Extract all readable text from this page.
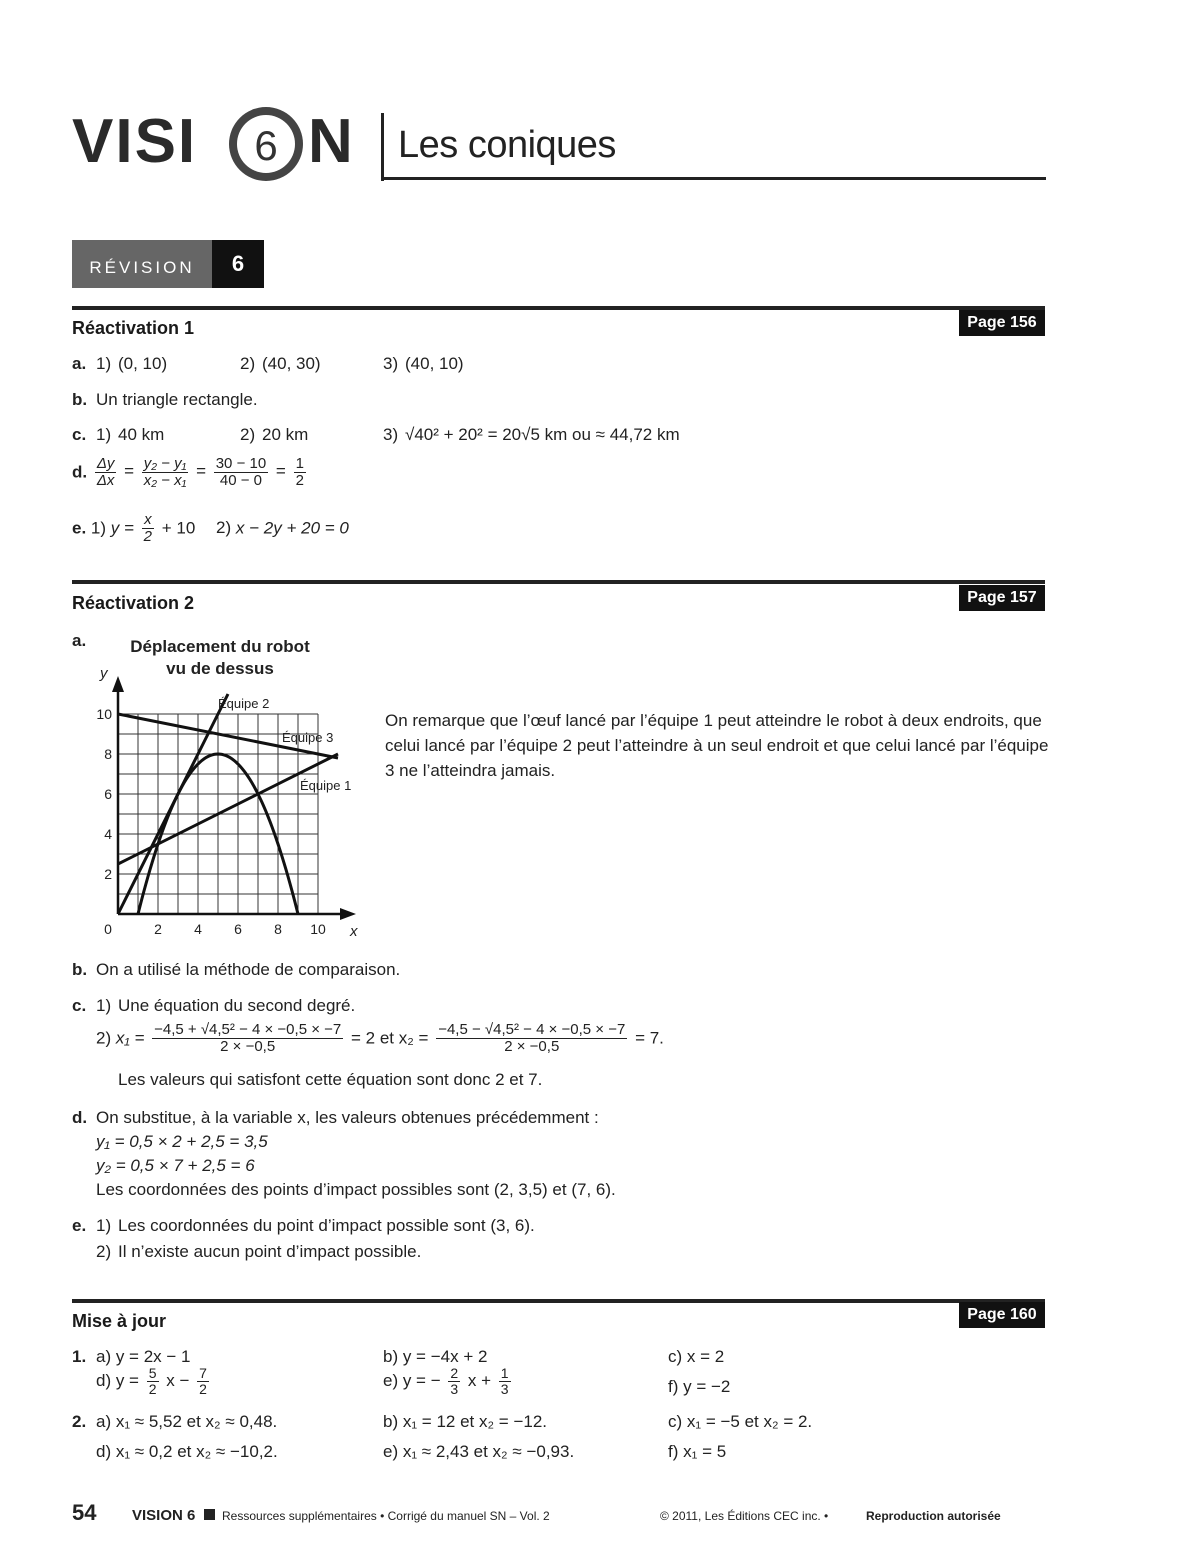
VISI 6 N Les coniques
RÉVISION	6
Réactivation 1	Page 156
a. 1) (0, 10)	2) (40, 30)	3) (40, 10)
b. Un triangle rectangle.
c. 1) 40 km	2) 20 km	3) √40² + 20² = 20√5 km ou ≈ 44,72 km
d. $\frac{\Delta y}{\Delta x} = \frac{\text{y₂ − y₁}}{\text{x₂ − x₁}} = \frac{30 - 10}{40 - 0} = \frac{1}{2}$
e. 1) $y = \frac{x}{2} + 10$ 2) x − 2y + 20 = 0
Réactivation 2	Page 157
a.	Déplacement du robot
vu de dessus
0	2 4 6 8 10
2
4
6
8
10
x
y
Équipe 2
Équipe 3
Équipe 1
On remarque que l’œuf lancé par l’équipe 1 peut atteindre le robot à deux endroits, que celui lancé par l’équipe 2 peut l’atteindre à un seul endroit et que celui lancé par l’équipe 3 ne l’atteindra jamais.
b. On a utilisé la méthode de comparaison.
c. 1) Une équation du second degré.
2) $x_1 = \frac{\text{−4,5 + √4,5² − 4 × −0,5 × −7}}{2 \times -0,5} = 2$ et $x_2 = \frac{\text{−4,5 − √4,5² − 4 × −0,5 × −7}}{2 \times -0,5} = 7$.
Les valeurs qui satisfont cette équation sont donc 2 et 7.
d. On substitue, à la variable x, les valeurs obtenues précédemment :
y₁ = 0,5 × 2 + 2,5 = 3,5
y₂ = 0,5 × 7 + 2,5 = 6
Les coordonnées des points d’impact possibles sont (2, 3,5) et (7, 6).
e. 1) Les coordonnées du point d’impact possible sont (3, 6).
2) Il n’existe aucun point d’impact possible.
Mise à jour	Page 160
1. a) y = 2x − 1	b) y = −4x + 2	c) x = 2
d) $y = \frac{5}{2}$ $x - \frac{7}{2}$	e) y = − $\frac{2}{3}$ $x + \frac{1}{3}$	f) y = −2
2. a) x₁ ≈ 5,52 et x₂ ≈ 0,48.	b) x₁ = 12 et x₂ = −12.	c) x₁ = −5 et x₂ = 2.
d) x₁ ≈ 0,2 et x₂ ≈ −10,2.	e) x₁ ≈ 2,43 et x₂ ≈ −0,93.	f) x₁ = 5
54 VISION 6 Ressources supplémentaires • Corrigé du manuel SN – Vol. 2	© 2011, Les Éditions CEC inc. •	Reproduction autorisée
